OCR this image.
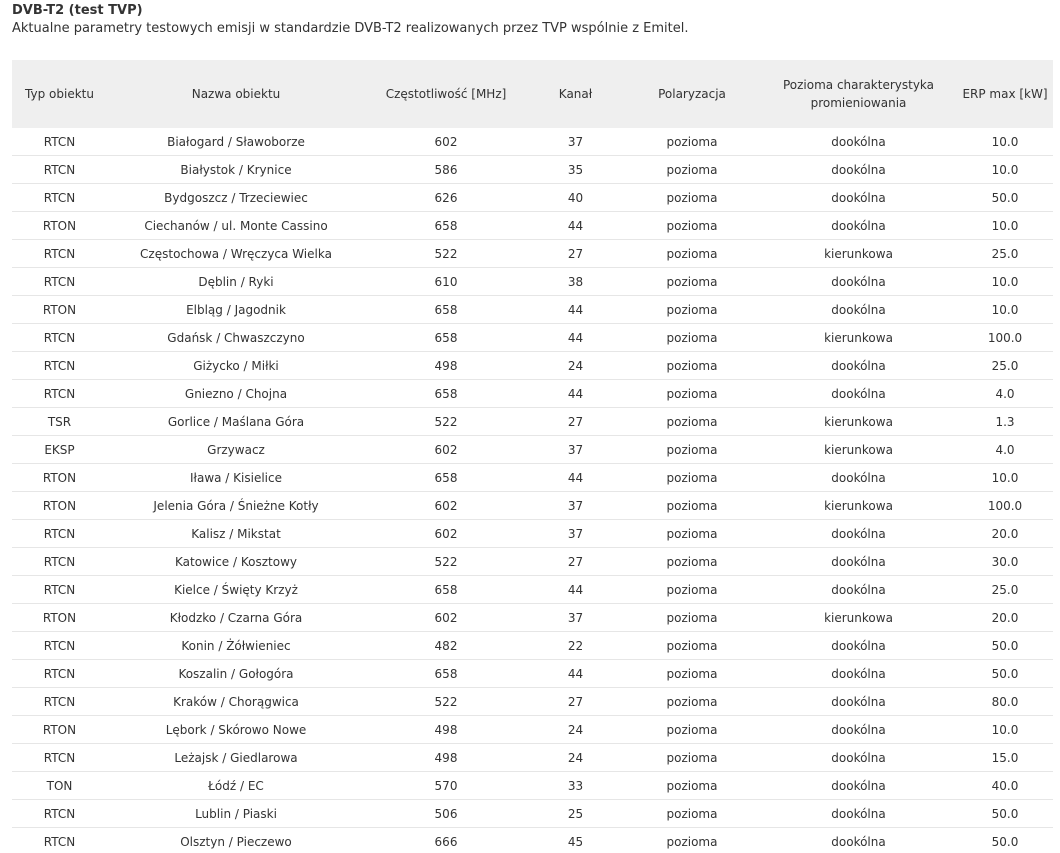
DVB-T2 (test TVP)
Aktualne parametry testowych emisji w standardzie DVB-T2 realizowanych przez TVP wspólnie z Emitel.
Typ obiektu	Nazwa obiektu	Częstotliwość [MHz]	Kanał	Polaryzacja	Pozioma charakterystyka promieniowania	ERP max [kW]
RTCN	Białogard / Sławoborze	602	37	pozioma	dookólna	10.0
RTCN	Białystok / Krynice	586	35	pozioma	dookólna	10.0
RTCN	Bydgoszcz / Trzeciewiec	626	40	pozioma	dookólna	50.0
RTON	Ciechanów / ul. Monte Cassino	658	44	pozioma	dookólna	10.0
RTCN	Częstochowa / Wręczyca Wielka	522	27	pozioma	kierunkowa	25.0
RTCN	Dęblin / Ryki	610	38	pozioma	dookólna	10.0
RTON	Elbląg / Jagodnik	658	44	pozioma	dookólna	10.0
RTCN	Gdańsk / Chwaszczyno	658	44	pozioma	kierunkowa	100.0
RTCN	Giżycko / Miłki	498	24	pozioma	dookólna	25.0
RTCN	Gniezno / Chojna	658	44	pozioma	dookólna	4.0
TSR	Gorlice / Maślana Góra	522	27	pozioma	kierunkowa	1.3
EKSP	Grzywacz	602	37	pozioma	kierunkowa	4.0
RTON	Iława / Kisielice	658	44	pozioma	dookólna	10.0
RTON	Jelenia Góra / Śnieżne Kotły	602	37	pozioma	kierunkowa	100.0
RTCN	Kalisz / Mikstat	602	37	pozioma	dookólna	20.0
RTCN	Katowice / Kosztowy	522	27	pozioma	dookólna	30.0
RTCN	Kielce / Święty Krzyż	658	44	pozioma	dookólna	25.0
RTON	Kłodzko / Czarna Góra	602	37	pozioma	kierunkowa	20.0
RTCN	Konin / Żółwieniec	482	22	pozioma	dookólna	50.0
RTCN	Koszalin / Gołogóra	658	44	pozioma	dookólna	50.0
RTCN	Kraków / Chorągwica	522	27	pozioma	dookólna	80.0
RTON	Lębork / Skórowo Nowe	498	24	pozioma	dookólna	10.0
RTCN	Leżajsk / Giedlarowa	498	24	pozioma	dookólna	15.0
TON	Łódź / EC	570	33	pozioma	dookólna	40.0
RTCN	Lublin / Piaski	506	25	pozioma	dookólna	50.0
RTCN	Olsztyn / Pieczewo	666	45	pozioma	dookólna	50.0
